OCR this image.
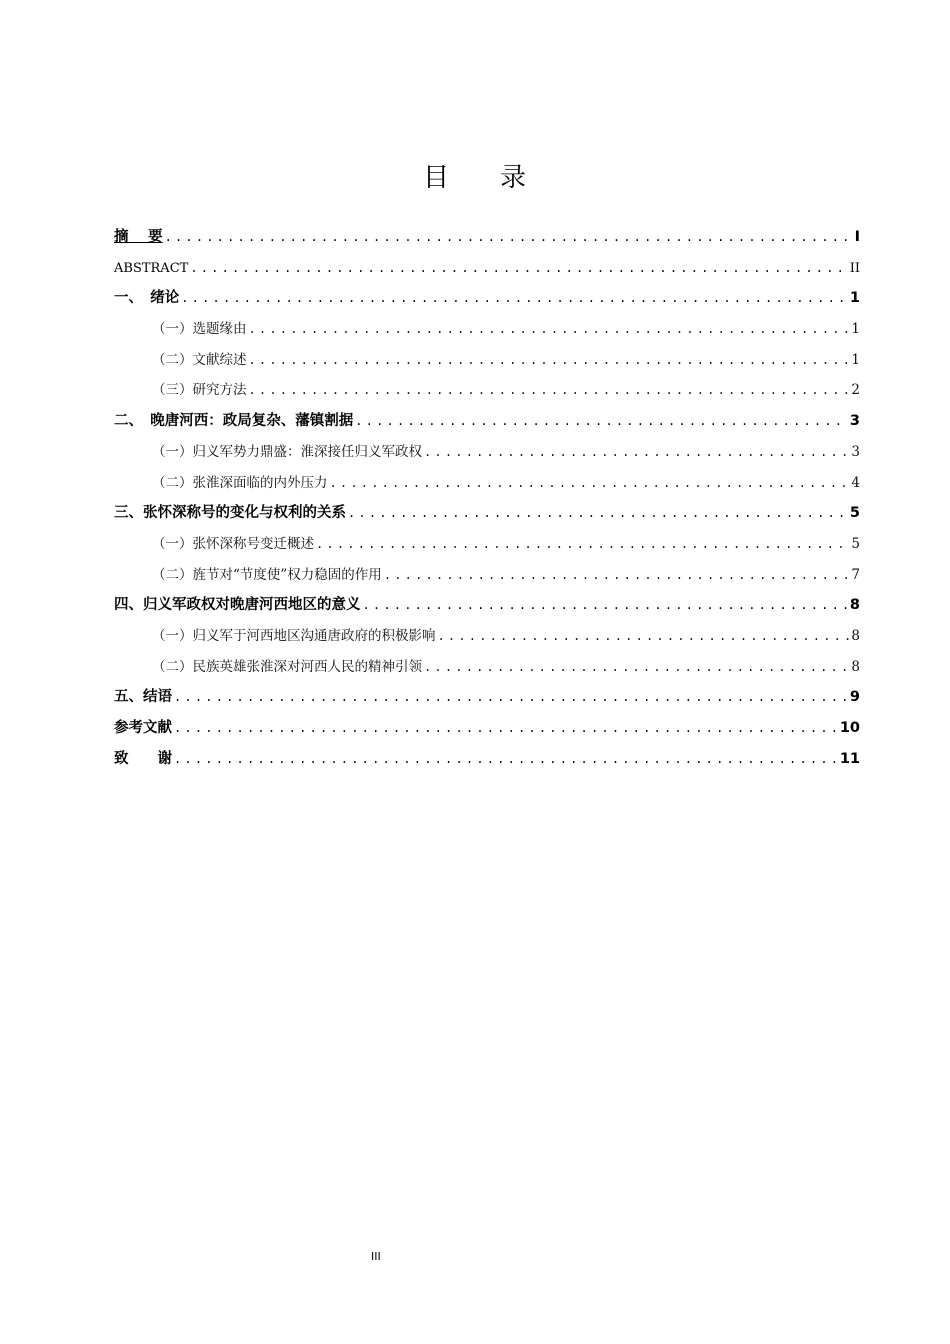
目 录
摘　 要 .....	I
ABSTRACT .....	II
一、　绪论 .....	1
（一）选题缘由 .....	1
（二）文献综述 .....	1
（三）研究方法 .....	2
二、　晚唐河西：政局复杂、藩镇割据 .....	3
（一）归义军势力鼎盛：淮深接任归义军政权 .....	3
（二）张淮深面临的内外压力 .....	4
三、张怀深称号的变化与权利的关系 .....	5
（一）张怀深称号变迁概述 .....	5
（二）旌节对“节度使”权力稳固的作用 .....	7
四、归义军政权对晚唐河西地区的意义 .....	8
（一）归义军于河西地区沟通唐政府的积极影响 .....	8
（二）民族英雄张淮深对河西人民的精神引领 .....	8
五、结语 .....	9
参考文献 .....	10
致　　谢 .....	11
III
